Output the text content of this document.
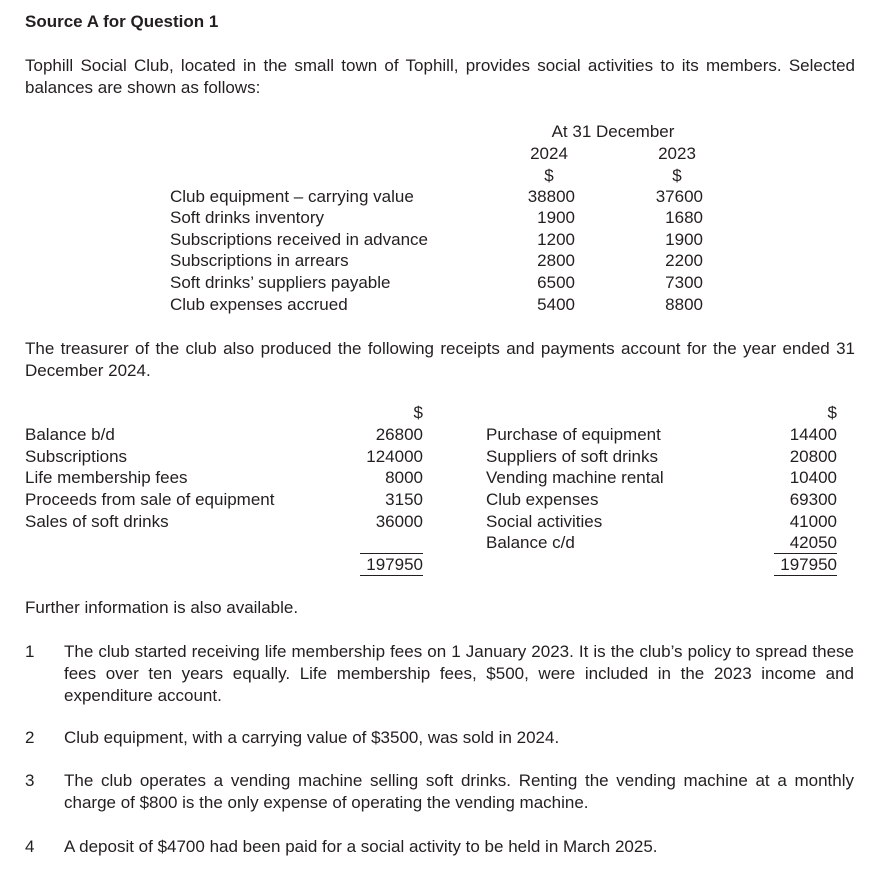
Source A for Question 1
Tophill Social Club, located in the small town of Tophill, provides social activities to its members. Selected balances are shown as follows:
At 31 December
2024	2023
$	$
Club equipment – carrying value	38800	37600
Soft drinks inventory	1900	1680
Subscriptions received in advance	1200	1900
Subscriptions in arrears	2800	2200
Soft drinks’ suppliers payable	6500	7300
Club expenses accrued	5400	8800
The treasurer of the club also produced the following receipts and payments account for the year ended 31 December 2024.
$
Balance b/d	26800
Subscriptions	124000
Life membership fees	8000
Proceeds from sale of equipment	3150
Sales of soft drinks	36000
197950
$
Purchase of equipment	14400
Suppliers of soft drinks	20800
Vending machine rental	10400
Club expenses	69300
Social activities	41000
Balance c/d	42050
197950
Further information is also available.
1	The club started receiving life membership fees on 1 January 2023. It is the club’s policy to spread these fees over ten years equally. Life membership fees, $500, were included in the 2023 income and expenditure account.
2	Club equipment, with a carrying value of $3500, was sold in 2024.
3	The club operates a vending machine selling soft drinks. Renting the vending machine at a monthly charge of $800 is the only expense of operating the vending machine.
4	A deposit of $4700 had been paid for a social activity to be held in March 2025.
